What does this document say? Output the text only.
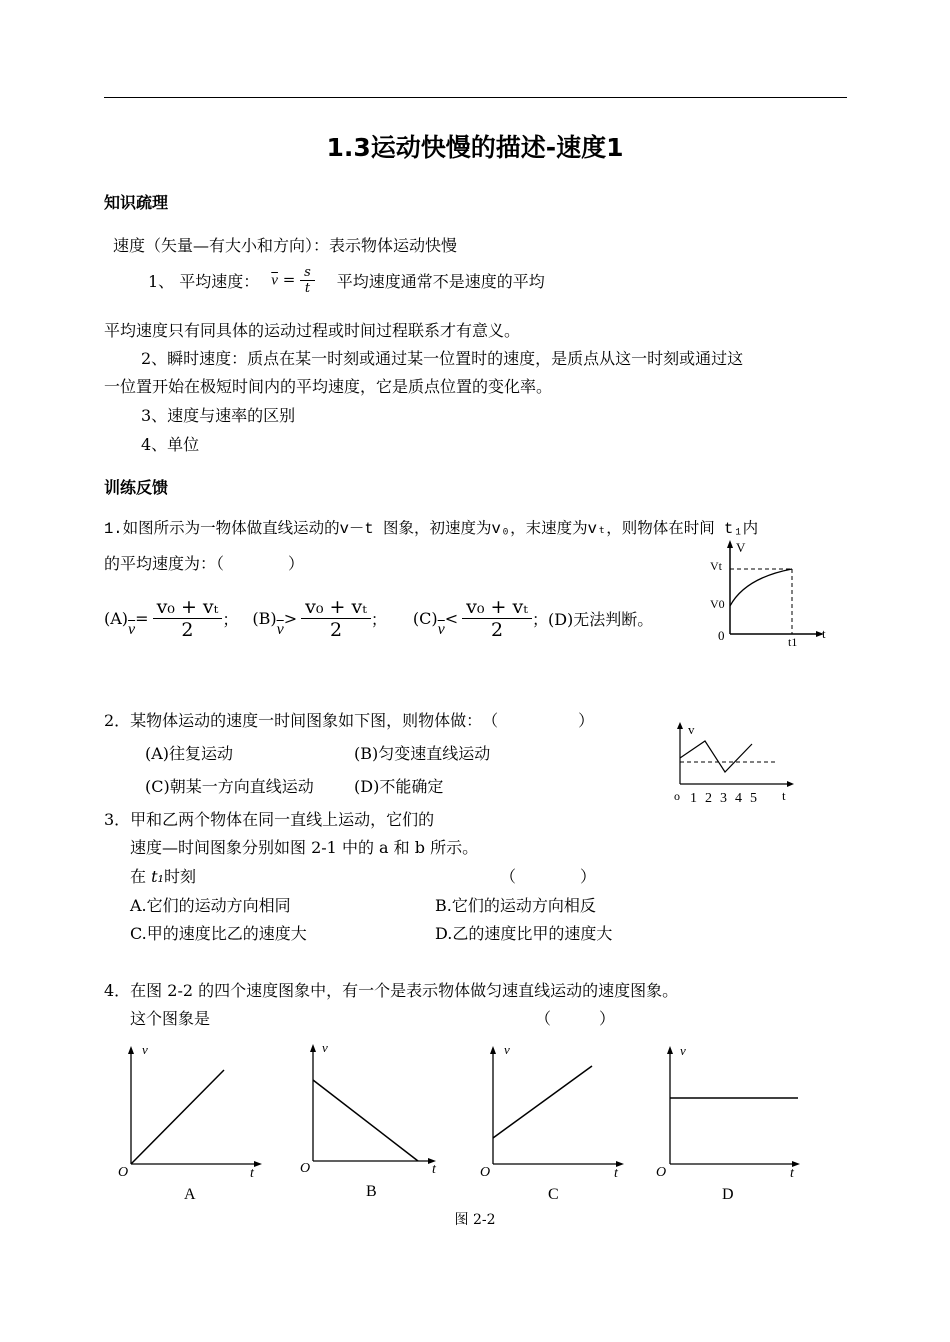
1.3运动快慢的描述-速度1
知识疏理
速度（矢量—有大小和方向）：表示物体运动快慢
1、 平均速度： $\overline{v} = \frac{s}{t}$ 平均速度通常不是速度的平均
平均速度只有同具体的运动过程或时间过程联系才有意义。
2、瞬时速度：质点在某一时刻或通过某一位置时的速度，是质点从这一时刻或通过这
一位置开始在极短时间内的平均速度，它是质点位置的变化率。
3、速度与速率的区别
4、单位
训练反馈
1.如图所示为一物体做直线运动的v－t 图象，初速度为v₀，末速度为vₜ，则物体在时间 t₁内
的平均速度为：（　　　　）
(A)
$\overline{v}$
= $\frac{\text{v₀ + vₜ}}{2}$ ； (B)
$\overline{v}$
> $\frac{\text{v₀ + vₜ}}{2}$ ； (C)
$\overline{v}$
< $\frac{\text{v₀ + vₜ}}{2}$ ； (D)无法判断。
V
Vt
V0
0	t1
t
2．某物体运动的速度一时间图象如下图，则物体做：　（　　　　　）
(A)往复运动	(B)匀变速直线运动
(C)朝某一方向直线运动	(D)不能确定
v
o 1 2 3 4 5 t
3．甲和乙两个物体在同一直线上运动，它们的
速度—时间图象分别如图 2-1 中的 a 和 b 所示。
在 t₁时刻	（　　　　）
A.它们的运动方向相同	B.它们的运动方向相反
C.甲的速度比乙的速度大	D.乙的速度比甲的速度大
4．在图 2-2 的四个速度图象中，有一个是表示物体做匀速直线运动的速度图象。
这个图象是	（　　　）
v
O	t
A
v
O	t
B
v
O	t
C
v
O	t
D
图 2-2
